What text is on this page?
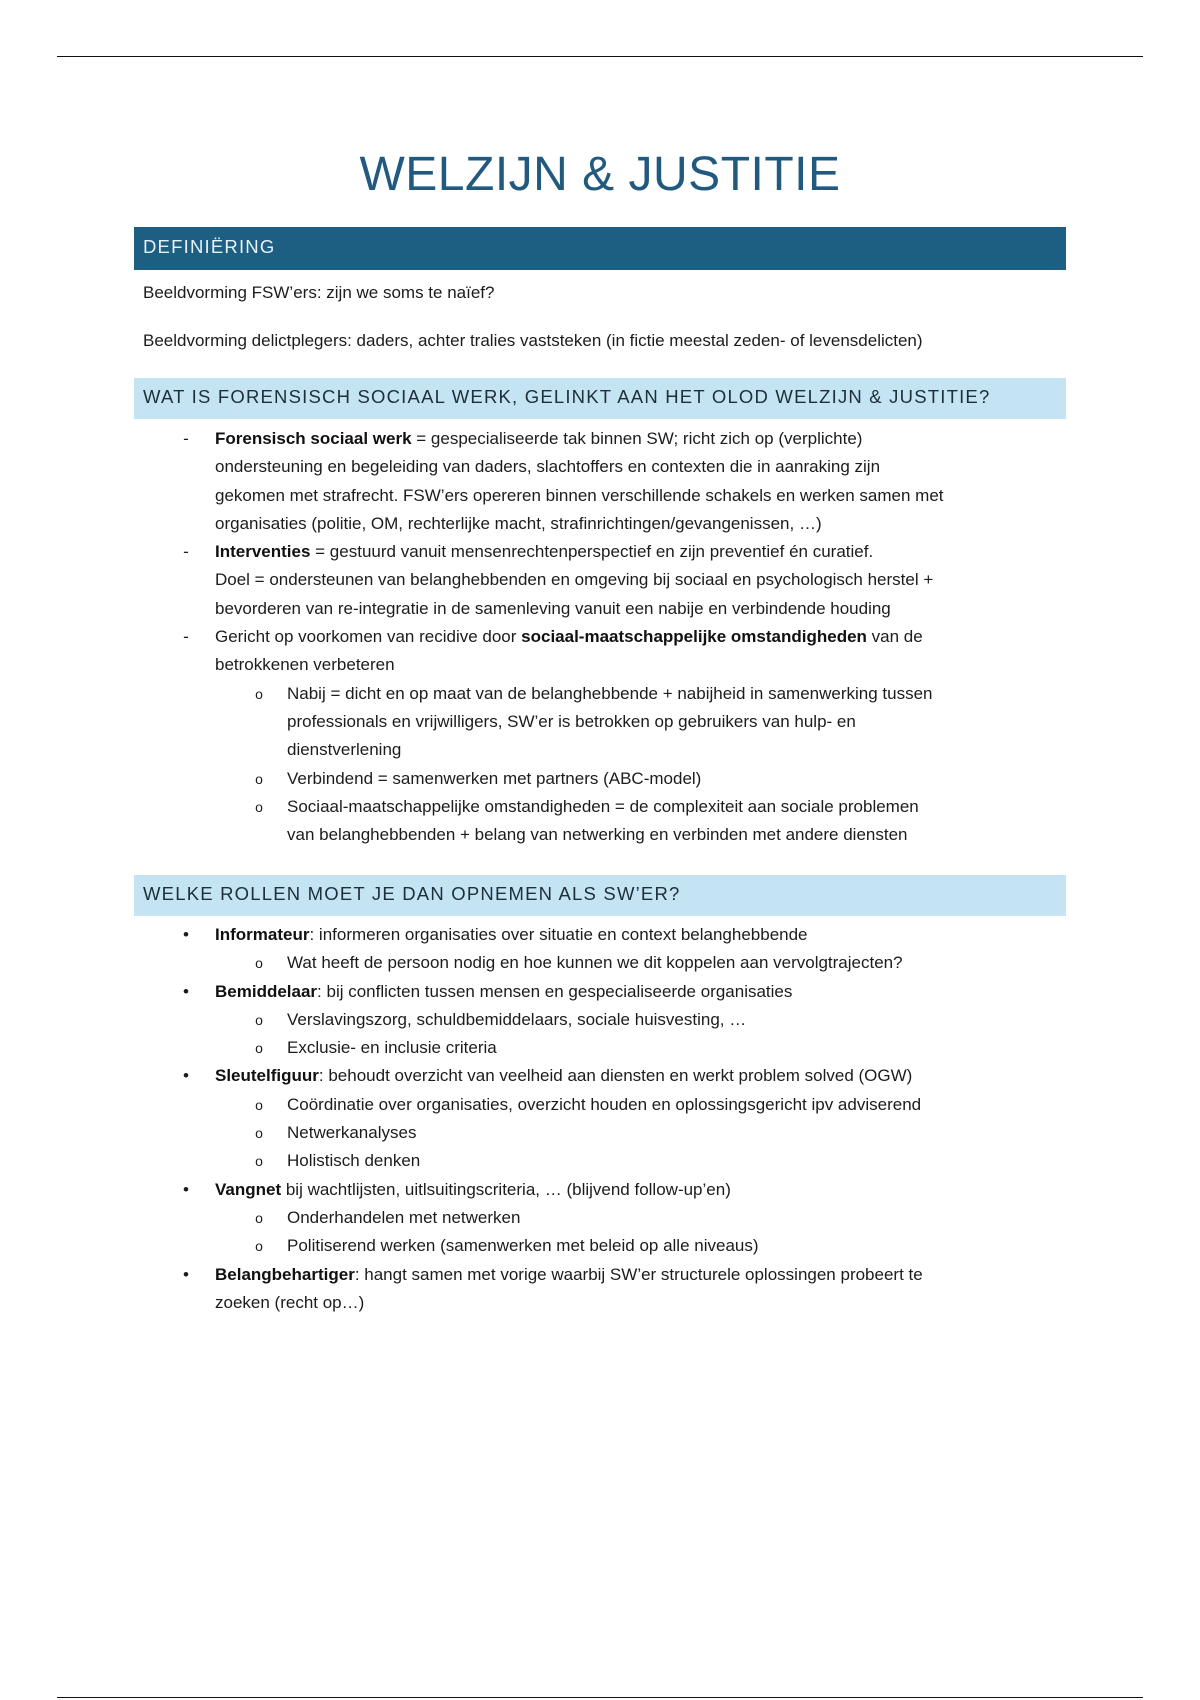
WELZIJN & JUSTITIE
DEFINIËRING
Beeldvorming FSW’ers: zijn we soms te naïef?
Beeldvorming delictplegers: daders, achter tralies vaststeken (in fictie meestal zeden- of levensdelicten)
WAT IS FORENSISCH SOCIAAL WERK, GELINKT AAN HET OLOD WELZIJN & JUSTITIE?
-	Forensisch sociaal werk = gespecialiseerde tak binnen SW; richt zich op (verplichte)
ondersteuning en begeleiding van daders, slachtoffers en contexten die in aanraking zijn
gekomen met strafrecht. FSW’ers opereren binnen verschillende schakels en werken samen met
organisaties (politie, OM, rechterlijke macht, strafinrichtingen/gevangenissen, …)
-	Interventies = gestuurd vanuit mensenrechtenperspectief en zijn preventief én curatief.
Doel = ondersteunen van belanghebbenden en omgeving bij sociaal en psychologisch herstel +
bevorderen van re-integratie in de samenleving vanuit een nabije en verbindende houding
-	Gericht op voorkomen van recidive door sociaal-maatschappelijke omstandigheden van de
betrokkenen verbeteren
o Nabij = dicht en op maat van de belanghebbende + nabijheid in samenwerking tussen
professionals en vrijwilligers, SW’er is betrokken op gebruikers van hulp- en
dienstverlening
o Verbindend = samenwerken met partners (ABC-model)
o Sociaal-maatschappelijke omstandigheden = de complexiteit aan sociale problemen
van belanghebbenden + belang van netwerking en verbinden met andere diensten
WELKE ROLLEN MOET JE DAN OPNEMEN ALS SW’ER?
• Informateur: informeren organisaties over situatie en context belanghebbende
o Wat heeft de persoon nodig en hoe kunnen we dit koppelen aan vervolgtrajecten?
• Bemiddelaar: bij conflicten tussen mensen en gespecialiseerde organisaties
o Verslavingszorg, schuldbemiddelaars, sociale huisvesting, …
o Exclusie- en inclusie criteria
• Sleutelfiguur: behoudt overzicht van veelheid aan diensten en werkt problem solved (OGW)
o Coördinatie over organisaties, overzicht houden en oplossingsgericht ipv adviserend
o Netwerkanalyses
o Holistisch denken
• Vangnet bij wachtlijsten, uitlsuitingscriteria, … (blijvend follow-up’en)
o Onderhandelen met netwerken
o Politiserend werken (samenwerken met beleid op alle niveaus)
• Belangbehartiger: hangt samen met vorige waarbij SW’er structurele oplossingen probeert te
zoeken (recht op…)
